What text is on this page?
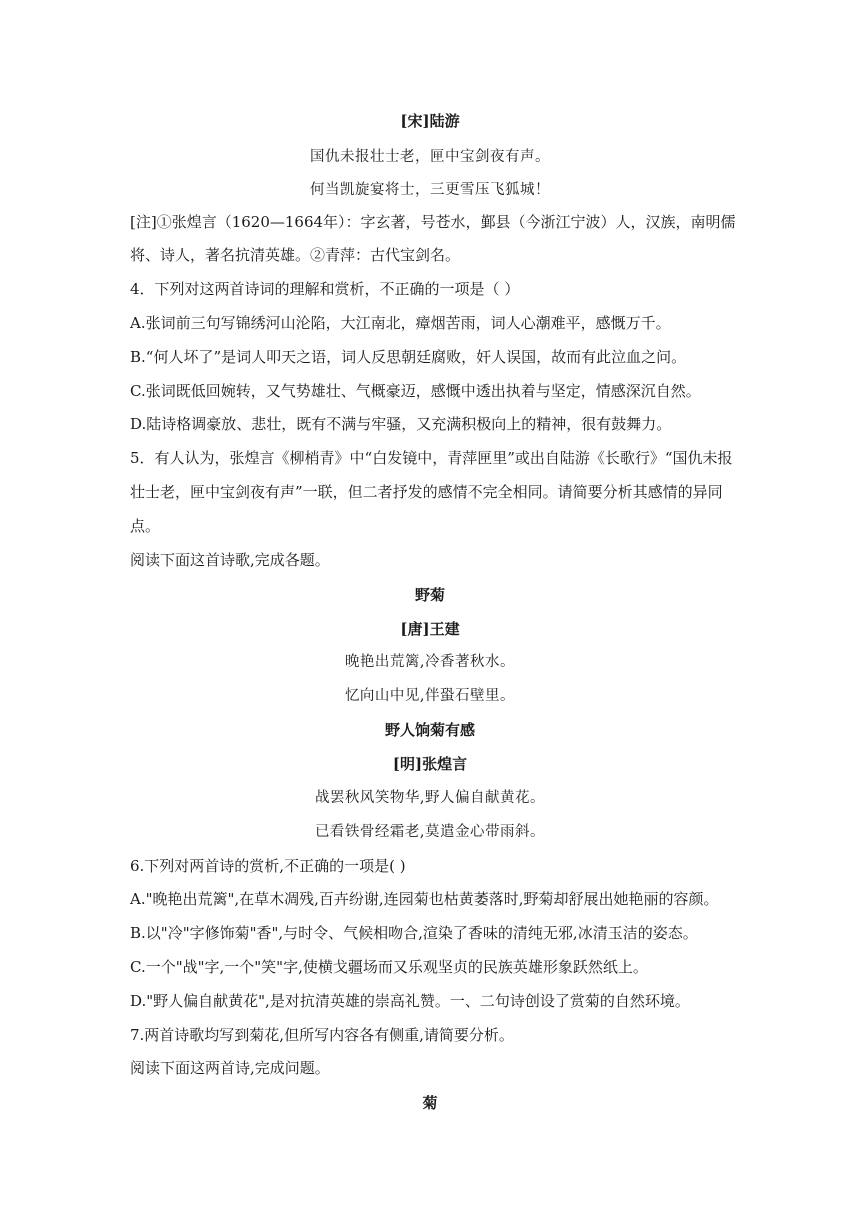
[宋]陆游
国仇未报壮士老，匣中宝剑夜有声。
何当凯旋宴将士，三更雪压飞狐城！
[注]①张煌言（1620—1664年）：字玄著，号苍水，鄞县（今浙江宁波）人，汉族，南明儒
将、诗人，著名抗清英雄。②青萍：古代宝剑名。
4．下列对这两首诗词的理解和赏析，不正确的一项是（ ）
A.张词前三句写锦绣河山沦陷，大江南北，瘴烟苦雨，词人心潮难平，感慨万千。
B.“何人坏了”是词人叩天之语，词人反思朝廷腐败，奸人误国，故而有此泣血之问。
C.张词既低回婉转，又气势雄壮、气概豪迈，感慨中透出执着与坚定，情感深沉自然。
D.陆诗格调豪放、悲壮，既有不满与牢骚，又充满积极向上的精神，很有鼓舞力。
5．有人认为，张煌言《柳梢青》中“白发镜中，青萍匣里”或出自陆游《长歌行》“国仇未报
壮士老，匣中宝剑夜有声”一联，但二者抒发的感情不完全相同。请简要分析其感情的异同
点。
阅读下面这首诗歌,完成各题。
野菊
[唐]王建
晚艳出荒篱,冷香著秋水。
忆向山中见,伴蛩石壁里。
野人饷菊有感
[明]张煌言
战罢秋风笑物华,野人偏自献黄花。
已看铁骨经霜老,莫遣金心带雨斜。
6.下列对两首诗的赏析,不正确的一项是( )
A."晚艳出荒篱",在草木凋残,百卉纷谢,连园菊也枯黄萎落时,野菊却舒展出她艳丽的容颜。
B.以"冷"字修饰菊"香",与时令、气候相吻合,渲染了香味的清纯无邪,冰清玉洁的姿态。
C.一个"战"字,一个"笑"字,使横戈疆场而又乐观坚贞的民族英雄形象跃然纸上。
D."野人偏自献黄花",是对抗清英雄的崇高礼赞。一、二句诗创设了赏菊的自然环境。
7.两首诗歌均写到菊花,但所写内容各有侧重,请简要分析。
阅读下面这两首诗,完成问题。
菊
